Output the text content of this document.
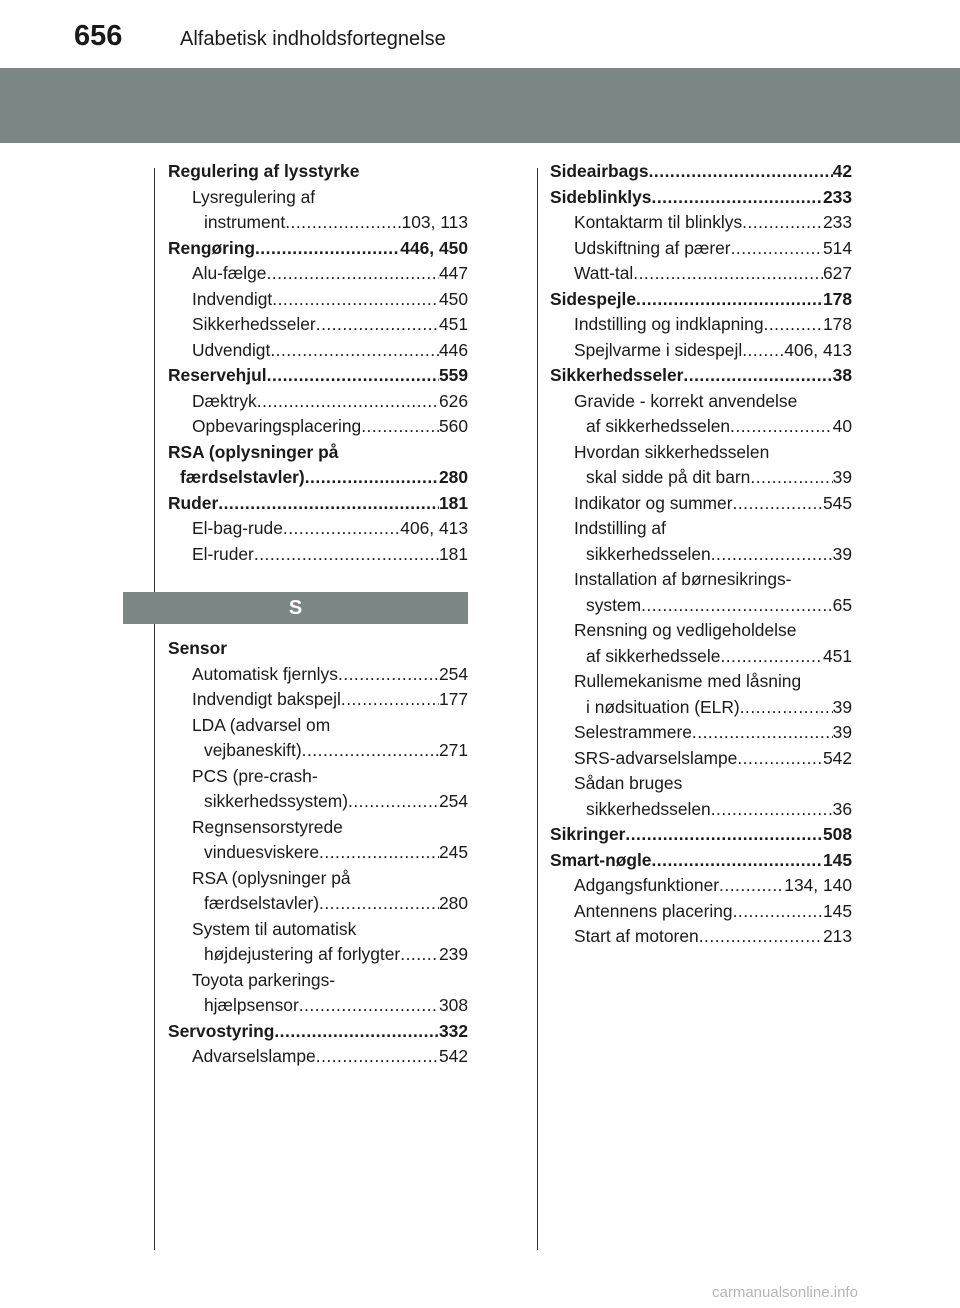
656	Alfabetisk indholdsfortegnelse
Regulering af lysstyrke
Lysregulering af
instrument .....	103, 113
Rengøring .....	446, 450
Alu-fælge .....	447
Indvendigt .....	450
Sikkerhedsseler .....	451
Udvendigt .....	446
Reservehjul .....	559
Dæktryk .....	626
Opbevaringsplacering .....	560
RSA (oplysninger på
færdselstavler) .....	280
Ruder .....	181
El-bag-rude .....	406, 413
El-ruder .....	181
S
Sensor
Automatisk fjernlys .....	254
Indvendigt bakspejl .....	177
LDA (advarsel om
vejbaneskift) .....	271
PCS (pre-crash-
sikkerhedssystem) .....	254
Regnsensorstyrede
vinduesviskere .....	245
RSA (oplysninger på
færdselstavler) .....	280
System til automatisk
højdejustering af forlygter ..... 239
Toyota parkerings-
hjælpsensor .....	308
Servostyring .....	332
Advarselslampe .....	542
Sideairbags .....	42
Sideblinklys .....	233
Kontaktarm til blinklys .....	233
Udskiftning af pærer .....	514
Watt-tal .....	627
Sidespejle .....	178
Indstilling og indklapning .....	178
Spejlvarme i sidespejl ..... 406, 413
Sikkerhedsseler .....	38
Gravide - korrekt anvendelse
af sikkerhedsselen .....	40
Hvordan sikkerhedsselen
skal sidde på dit barn .....	39
Indikator og summer .....	545
Indstilling af
sikkerhedsselen .....	39
Installation af børnesikrings-
system .....	65
Rensning og vedligeholdelse
af sikkerhedssele .....	451
Rullemekanisme med låsning
i nødsituation (ELR) .....	39
Selestrammere .....	39
SRS-advarselslampe .....	542
Sådan bruges
sikkerhedsselen .....	36
Sikringer .....	508
Smart-nøgle .....	145
Adgangsfunktioner .....	134, 140
Antennens placering .....	145
Start af motoren .....	213
carmanualsonline.info
